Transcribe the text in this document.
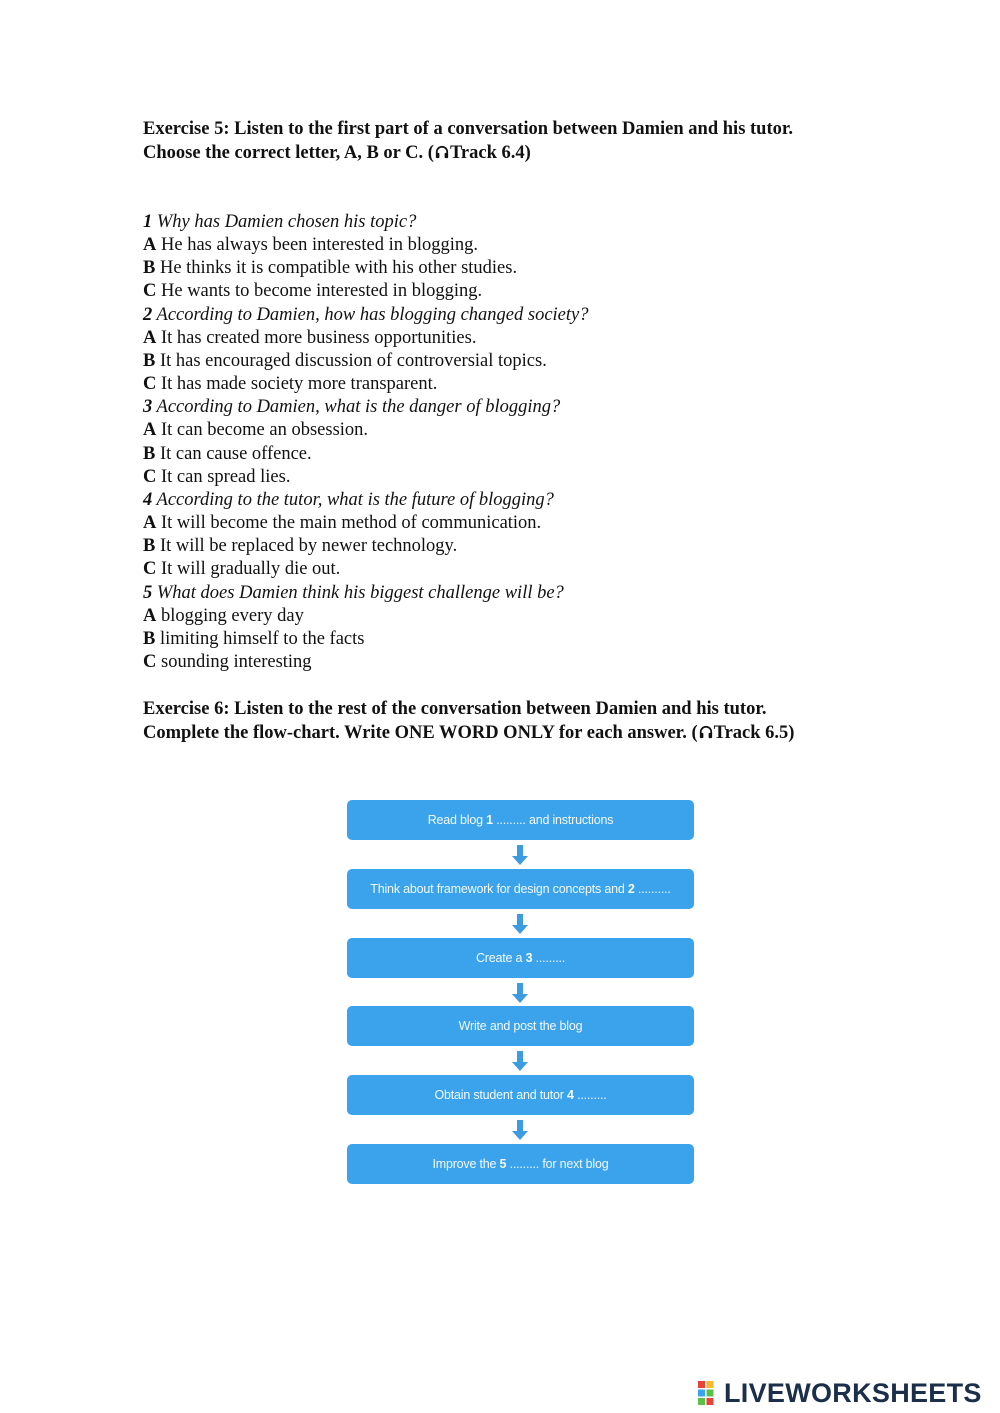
Exercise 5: Listen to the first part of a conversation between Damien and his tutor.
Choose the correct letter, A, B or C. ( Track 6.4)
1 Why has Damien chosen his topic?
A He has always been interested in blogging.
B He thinks it is compatible with his other studies.
C He wants to become interested in blogging.
2 According to Damien, how has blogging changed society?
A It has created more business opportunities.
B It has encouraged discussion of controversial topics.
C It has made society more transparent.
3 According to Damien, what is the danger of blogging?
A It can become an obsession.
B It can cause offence.
C It can spread lies.
4 According to the tutor, what is the future of blogging?
A It will become the main method of communication.
B It will be replaced by newer technology.
C It will gradually die out.
5 What does Damien think his biggest challenge will be?
A blogging every day
B limiting himself to the facts
C sounding interesting
Exercise 6: Listen to the rest of the conversation between Damien and his tutor.
Complete the flow-chart. Write ONE WORD ONLY for each answer. ( Track 6.5)
Read blog 1 ......... and instructions
Think about framework for design concepts and 2 ..........
Create a 3 .........
Write and post the blog
Obtain student and tutor 4 .........
Improve the 5 ......... for next blog
LIVEWORKSHEETS
